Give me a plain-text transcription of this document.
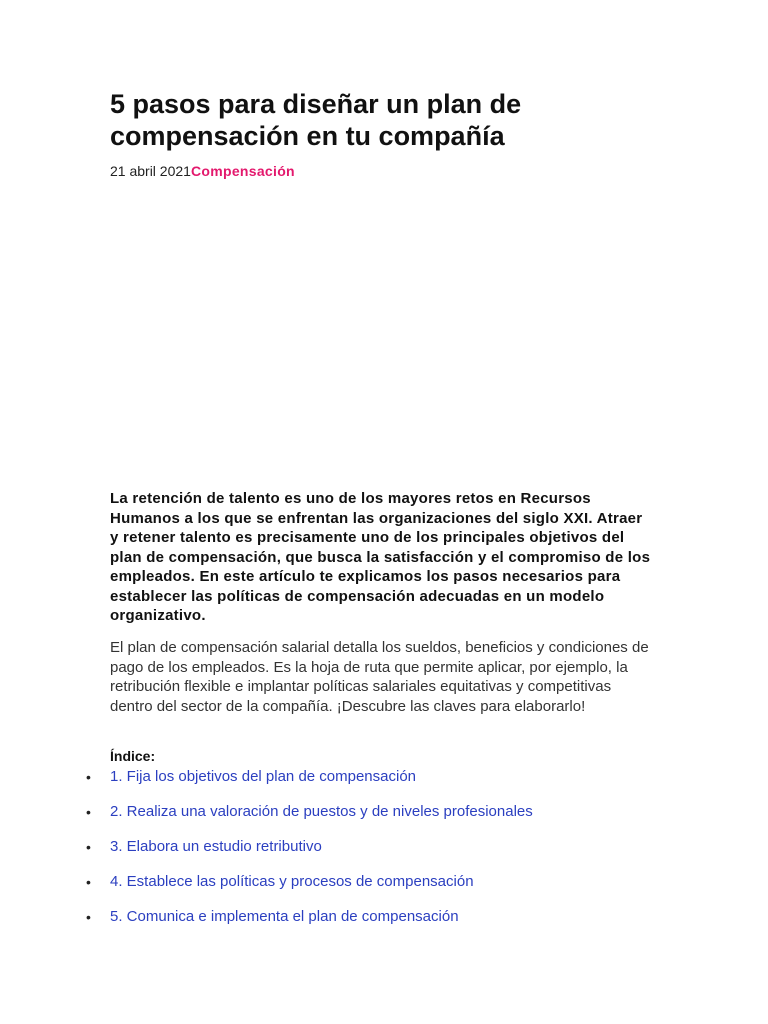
5 pasos para diseñar un plan de compensación en tu compañía
21 abril 2021Compensación

La retención de talento es uno de los mayores retos en Recursos Humanos a los que se enfrentan las organizaciones del siglo XXI. Atraer y retener talento es precisamente uno de los principales objetivos del plan de compensación, que busca la satisfacción y el compromiso de los empleados. En este artículo te explicamos los pasos necesarios para establecer las políticas de compensación adecuadas en un modelo organizativo.

El plan de compensación salarial detalla los sueldos, beneficios y condiciones de pago de los empleados. Es la hoja de ruta que permite aplicar, por ejemplo, la retribución flexible e implantar políticas salariales equitativas y competitivas dentro del sector de la compañía. ¡Descubre las claves para elaborarlo!

Índice:

• 1. Fija los objetivos del plan de compensación
• 2. Realiza una valoración de puestos y de niveles profesionales
• 3. Elabora un estudio retributivo
• 4. Establece las políticas y procesos de compensación
• 5. Comunica e implementa el plan de compensación
